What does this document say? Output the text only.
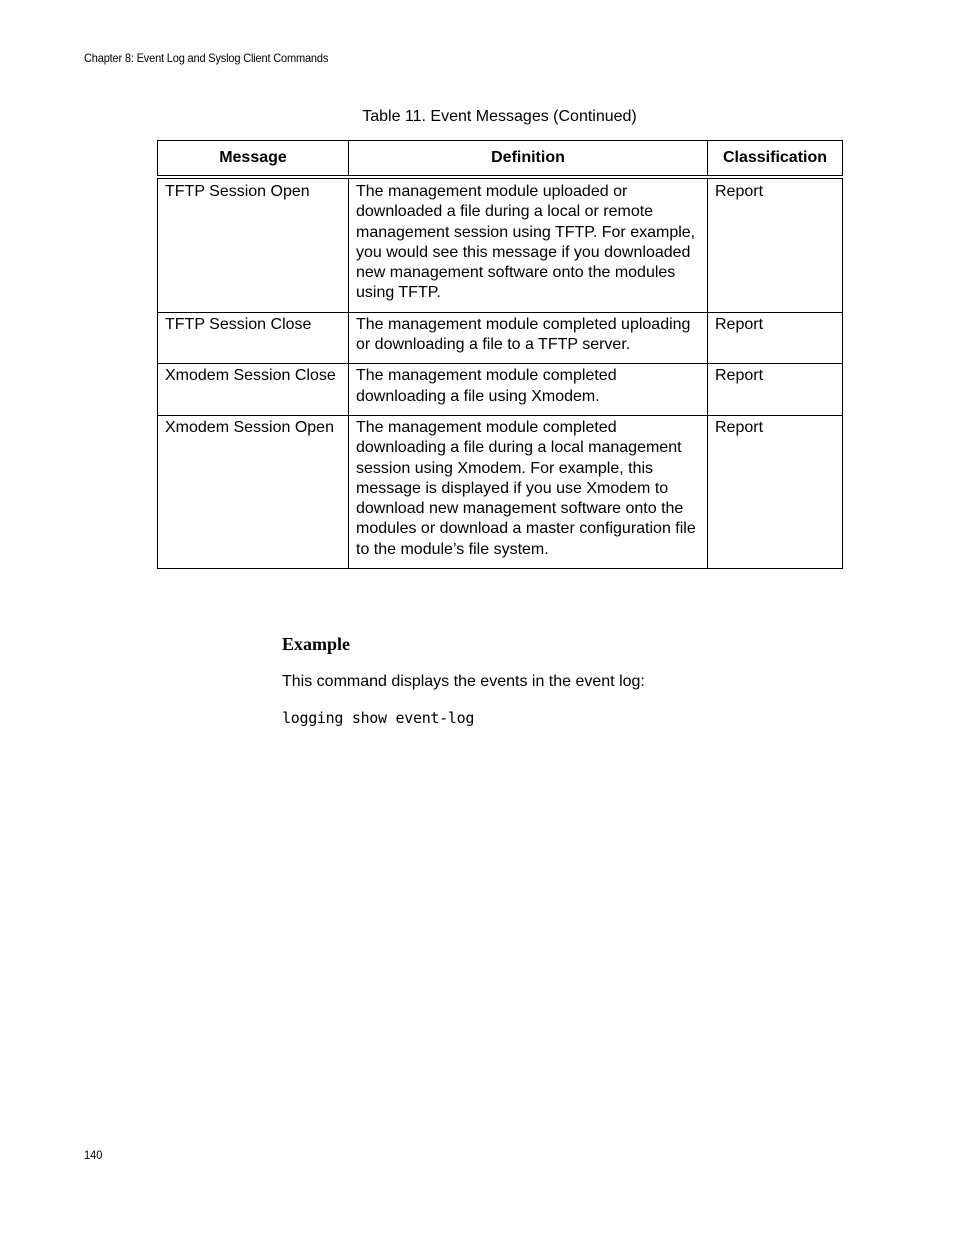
Chapter 8: Event Log and Syslog Client Commands
Table 11. Event Messages (Continued)
Message	Definition	Classification
TFTP Session Open	The management module uploaded or downloaded a file during a local or remote management session using TFTP. For example, you would see this message if you downloaded new management software onto the modules using TFTP.	Report
TFTP Session Close	The management module completed uploading or downloading a file to a TFTP server.	Report
Xmodem Session Close	The management module completed downloading a file using Xmodem.	Report
Xmodem Session Open	The management module completed downloading a file during a local management session using Xmodem. For example, this message is displayed if you use Xmodem to download new management software onto the modules or download a master configuration file to the module’s file system.	Report
Example
This command displays the events in the event log:
logging show event-log
140
